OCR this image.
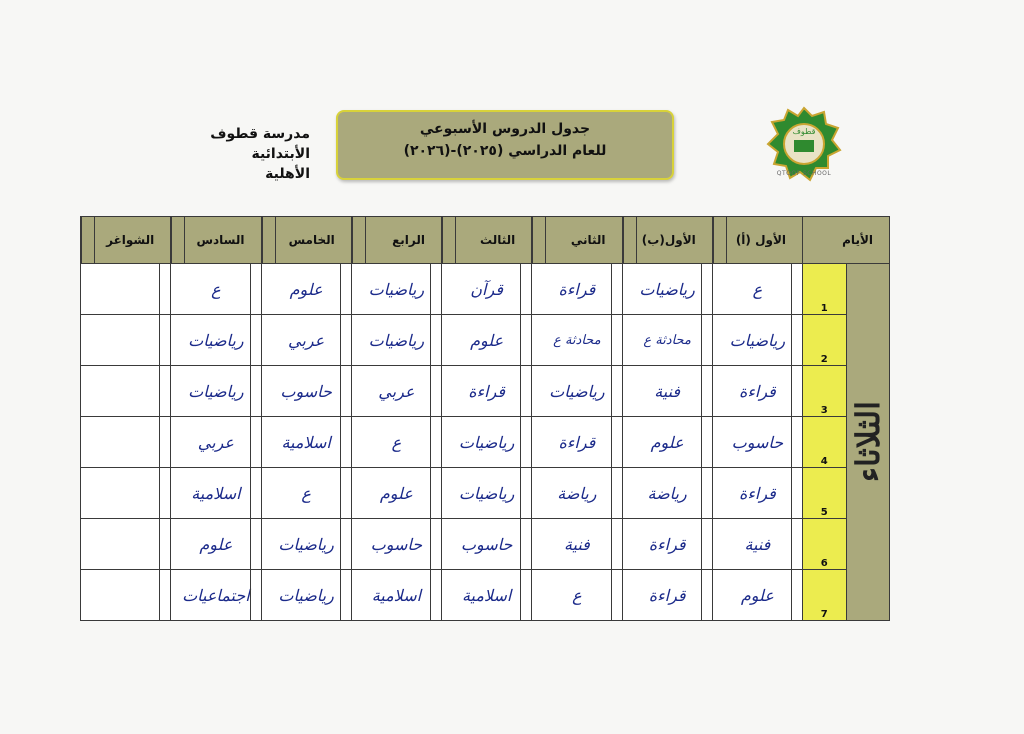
مدرسة قطوف الأبتدائية
الأهلية
جدول الدروس الأسبوعي
للعام الدراسي (٢٠٢٥)-(٢٠٢٦)
قطوف
QTOOF SCHOOL
الأيام		الأول (أ)	الأول(ب)	الثاني	الثالث	الرابع	الخامس	السادس	الشواغر

الثلاثاء	1	ع	رياضيات	قراءة	قرآن	رياضيات	علوم	ع	

	2	رياضيات	محادثة ع	محادثة ع	علوم	رياضيات	عربي	رياضيات	

	3	قراءة	فنية	رياضيات	قراءة	عربي	حاسوب	رياضيات	

	4	حاسوب	علوم	قراءة	رياضيات	ع	اسلامية	عربي	

	5	قراءة	رياضة	رياضة	رياضيات	علوم	ع	اسلامية	

	6	فنية	قراءة	فنية	حاسوب	حاسوب	رياضيات	علوم	

	7	علوم	قراءة	ع	اسلامية	اسلامية	رياضيات	اجتماعيات	
